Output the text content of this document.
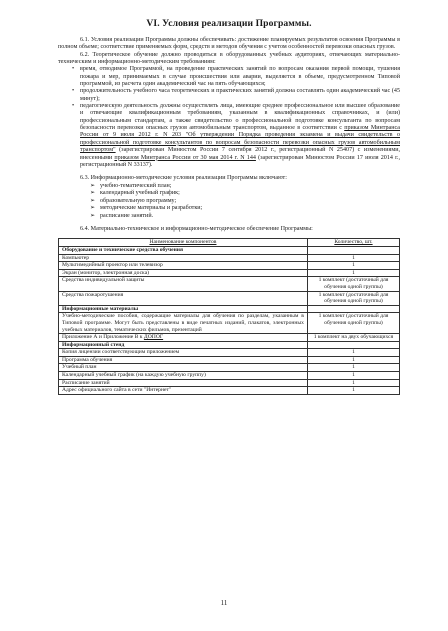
VI. Условия реализации Программы.

6.1. Условия реализации Программы должны обеспечивать: достижение планируемых результатов освоения Программы в полном объеме; соответствие применяемых форм, средств и методов обучения с учетом особенностей перевозки опасных грузов.

6.2. Теоретическое обучение должно проводиться в оборудованных учебных аудиториях, отвечающих материально-техническим и информационно-методическим требованиям:

• время, отводимое Программой, на проведение практических занятий по вопросам оказания первой помощи, тушения пожара и мер, принимаемых в случае происшествия или аварии, выделяется в объеме, предусмотренном Типовой программой, из расчета один академический час на пять обучающихся;

• продолжительность учебного часа теоретических и практических занятий должна составлять один академический час (45 минут);

• педагогическую деятельность должны осуществлять лица, имеющие среднее профессиональное или высшее образование и отвечающие квалификационным требованиям, указанным в квалификационных справочниках, и (или) профессиональным стандартам, а также свидетельство о профессиональной подготовке консультанта по вопросам безопасности перевозки опасных грузов автомобильным транспортом, выданное в соответствии с приказом Минтранса России от 9 июля 2012 г. N 203 "Об утверждении Порядка проведения экзамена и выдачи свидетельств о профессиональной подготовке консультантов по вопросам безопасности перевозки опасных грузов автомобильным транспортом" (зарегистрирован Минюстом России 7 сентября 2012 г., регистрационный N 25407) с изменениями, внесенными приказом Минтранса России от 30 мая 2014 г. N 144 (зарегистрирован Минюстом России 17 июля 2014 г., регистрационный N 33137).

6.3. Информационно-методические условия реализации Программы включают:

➢ учебно-тематический план;
➢ календарный учебный график;
➢ образовательную программу;
➢ методические материалы и разработки;
➢ расписание занятий.

6.4. Материально-техническое и информационно-методическое обеспечение Программы:

Наименование компонентов	Количество, шт.
Оборудование и технические средства обучения	
Компьютер	1
Мультимедийный проектор или телевизор	1
Экран (монитор, электронная доска)	1
Средства индивидуальной защиты	1 комплект (достаточный для обучения одной группы)
Средства пожаротушения	1 комплект (достаточный для обучения одной группы)
Информационные материалы	
Учебно-методические пособия, содержащие материалы для обучения по разделам, указанным в Типовой программе. Могут быть представлены в виде печатных изданий, плакатов, электронных учебных материалов, тематических фильмов, презентаций	1 комплект (достаточный для обучения одной группы)
Приложение А и Приложение В к ДОПОГ	1 комплект на двух обучающихся
Информационный стенд	
Копия лицензии соответствующим приложением	1
Программа обучения	1
Учебный план	1
Календарный учебный график (на каждую учебную группу)	1
Расписание занятий	1
Адрес официального сайта в сети "Интернет"	1
11
